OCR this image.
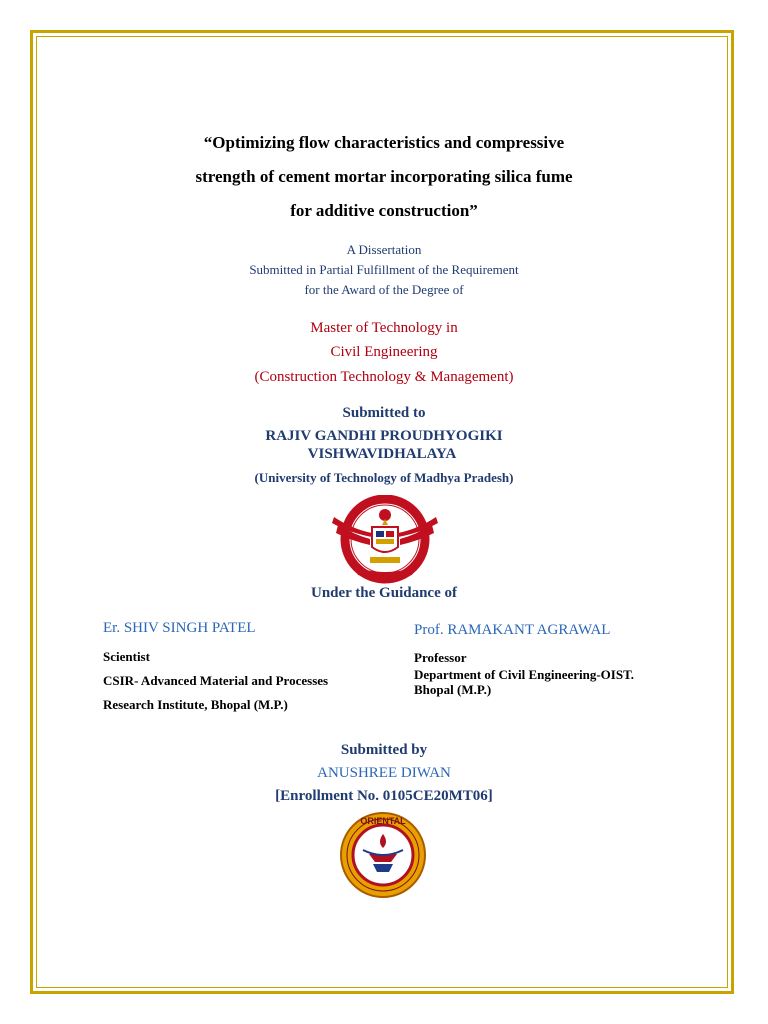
“Optimizing flow characteristics and compressive
strength of cement mortar incorporating silica fume
for additive construction”
A Dissertation
Submitted in Partial Fulfillment of the Requirement
for the Award of the Degree of
Master of Technology in
Civil Engineering
(Construction Technology & Management)
Submitted to
RAJIV GANDHI PROUDHYOGIKI
VISHWAVIDHALAYA
(University of Technology of Madhya Pradesh)
Under the Guidance of
Er. SHIV SINGH PATEL
Scientist
CSIR- Advanced Material and Processes
Research Institute, Bhopal (M.P.)
Prof. RAMAKANT AGRAWAL
Professor
Department of Civil Engineering-OIST.
Bhopal (M.P.)
Submitted by
ANUSHREE DIWAN
[Enrollment No. 0105CE20MT06]
ORIENTAL
